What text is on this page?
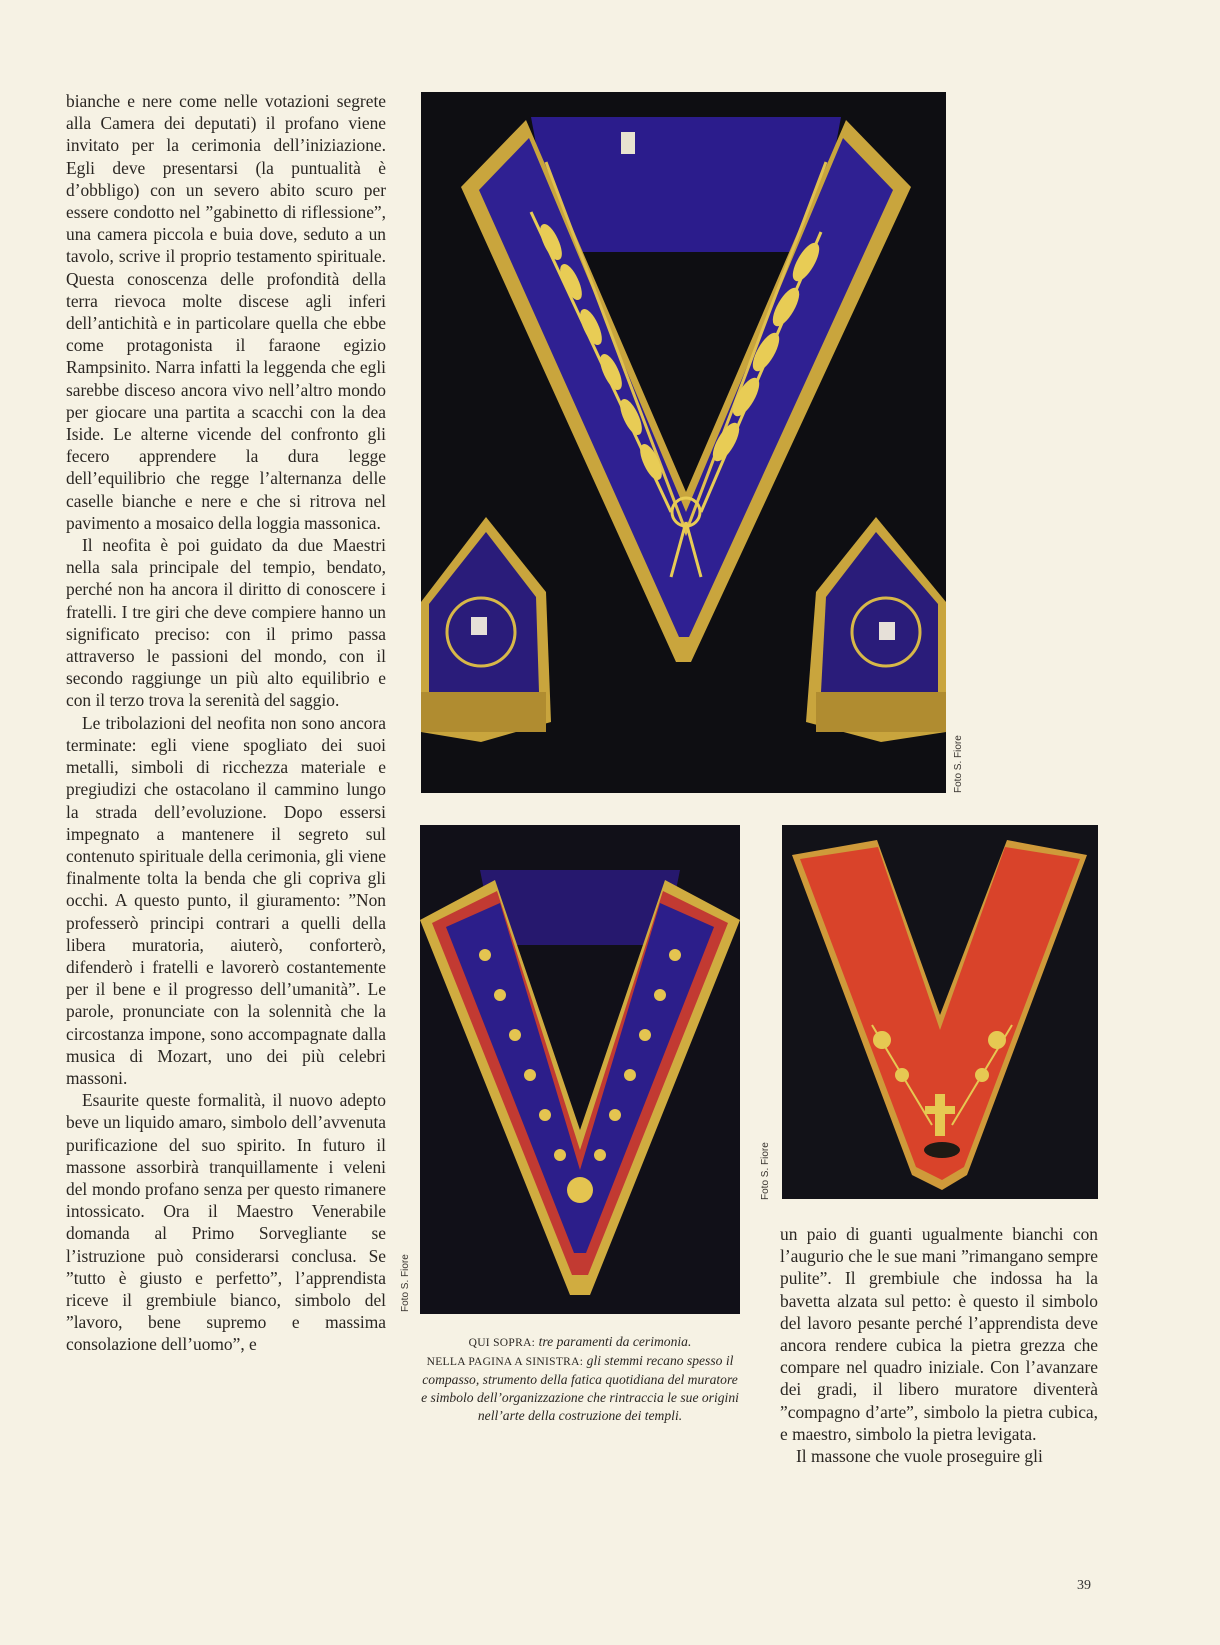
bianche e nere come nelle votazioni segrete alla Camera dei deputati) il profano viene invitato per la cerimonia dell’iniziazione. Egli deve presentarsi (la puntualità è d’obbligo) con un severo abito scuro per essere condotto nel ”gabinetto di riflessione”, una camera piccola e buia dove, seduto a un tavolo, scrive il proprio testamento spirituale. Questa conoscenza delle profondità della terra rievoca molte discese agli inferi dell’antichità e in particolare quella che ebbe come protagonista il faraone egizio Rampsinito. Narra infatti la leggenda che egli sarebbe disceso ancora vivo nell’altro mondo per giocare una partita a scacchi con la dea Iside. Le alterne vicende del confronto gli fecero apprendere la dura legge dell’equilibrio che regge l’alternanza delle caselle bianche e nere e che si ritrova nel pavimento a mosaico della loggia massonica.

Il neofita è poi guidato da due Maestri nella sala principale del tempio, bendato, perché non ha ancora il diritto di conoscere i fratelli. I tre giri che deve compiere hanno un significato preciso: con il primo passa attraverso le passioni del mondo, con il secondo raggiunge un più alto equilibrio e con il terzo trova la serenità del saggio.

Le tribolazioni del neofita non sono ancora terminate: egli viene spogliato dei suoi metalli, simboli di ricchezza materiale e pregiudizi che ostacolano il cammino lungo la strada dell’evoluzione. Dopo essersi impegnato a mantenere il segreto sul contenuto spirituale della cerimonia, gli viene finalmente tolta la benda che gli copriva gli occhi. A questo punto, il giuramento: ”Non professerò principi contrari a quelli della libera muratoria, aiuterò, conforterò, difenderò i fratelli e lavorerò costantemente per il bene e il progresso dell’umanità”. Le parole, pronunciate con la solennità che la circostanza impone, sono accompagnate dalla musica di Mozart, uno dei più celebri massoni.

Esaurite queste formalità, il nuovo adepto beve un liquido amaro, simbolo dell’avvenuta purificazione del suo spirito. In futuro il massone assorbirà tranquillamente i veleni del mondo profano senza per questo rimanere intossicato. Ora il Maestro Venerabile domanda al Primo Sorvegliante se l’istruzione può considerarsi conclusa. Se ”tutto è giusto e perfetto”, l’apprendista riceve il grembiule bianco, simbolo del ”lavoro, bene supremo e massima consolazione dell’uomo”, e

Foto S. Fiore
Foto S. Fiore
Foto S. Fiore
QUI SOPRA: tre paramenti da cerimonia.
NELLA PAGINA A SINISTRA: gli stemmi recano spesso il compasso, strumento della fatica quotidiana del muratore e simbolo dell’organizzazione che rintraccia le sue origini nell’arte della costruzione dei templi.

un paio di guanti ugualmente bianchi con l’augurio che le sue mani ”rimangano sempre pulite”. Il grembiule che indossa ha la bavetta alzata sul petto: è questo il simbolo del lavoro pesante perché l’apprendista deve ancora rendere cubica la pietra grezza che compare nel quadro iniziale. Con l’avanzare dei gradi, il libero muratore diventerà ”compagno d’arte”, simbolo la pietra cubica, e maestro, simbolo la pietra levigata.

Il massone che vuole proseguire gli

39
